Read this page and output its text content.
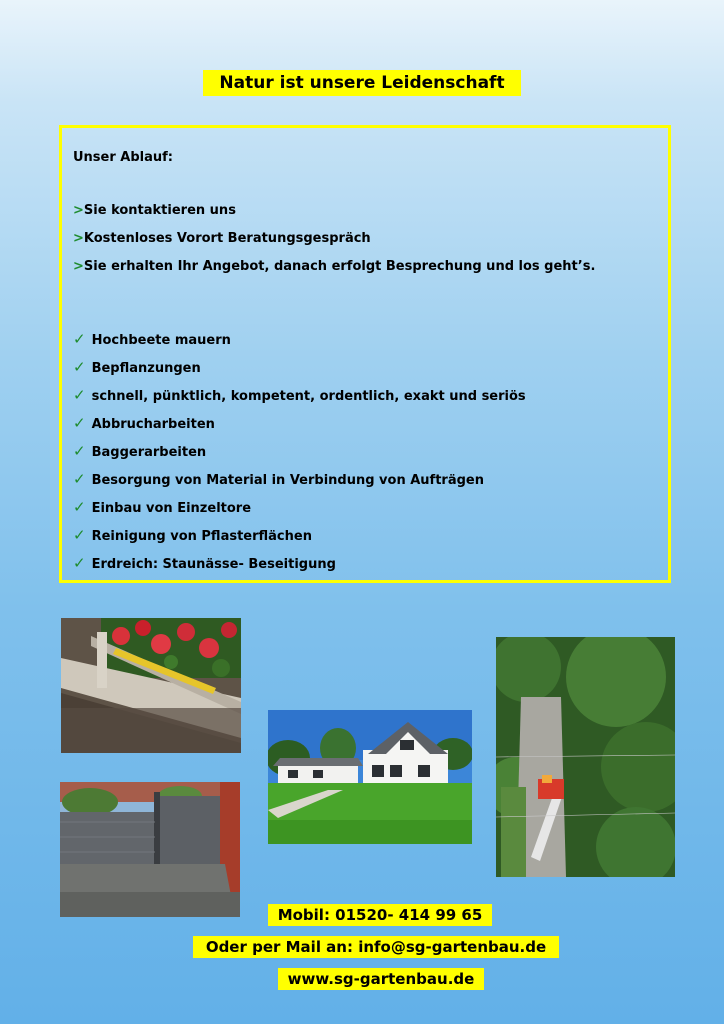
Natur ist unsere Leidenschaft
Unser Ablauf:
>Sie kontaktieren uns
>Kostenloses Vorort Beratungsgespräch
>Sie erhalten Ihr Angebot, danach erfolgt Besprechung und los geht’s.
✓ Hochbeete mauern
✓ Bepflanzungen
✓ schnell, pünktlich, kompetent, ordentlich, exakt und seriös
✓ Abbrucharbeiten
✓ Baggerarbeiten
✓ Besorgung von Material in Verbindung von Aufträgen
✓ Einbau von Einzeltore
✓ Reinigung von Pflasterflächen
✓ Erdreich: Staunässe- Beseitigung
Mobil: 01520- 414 99 65
Oder per Mail an: info@sg-gartenbau.de
www.sg-gartenbau.de
